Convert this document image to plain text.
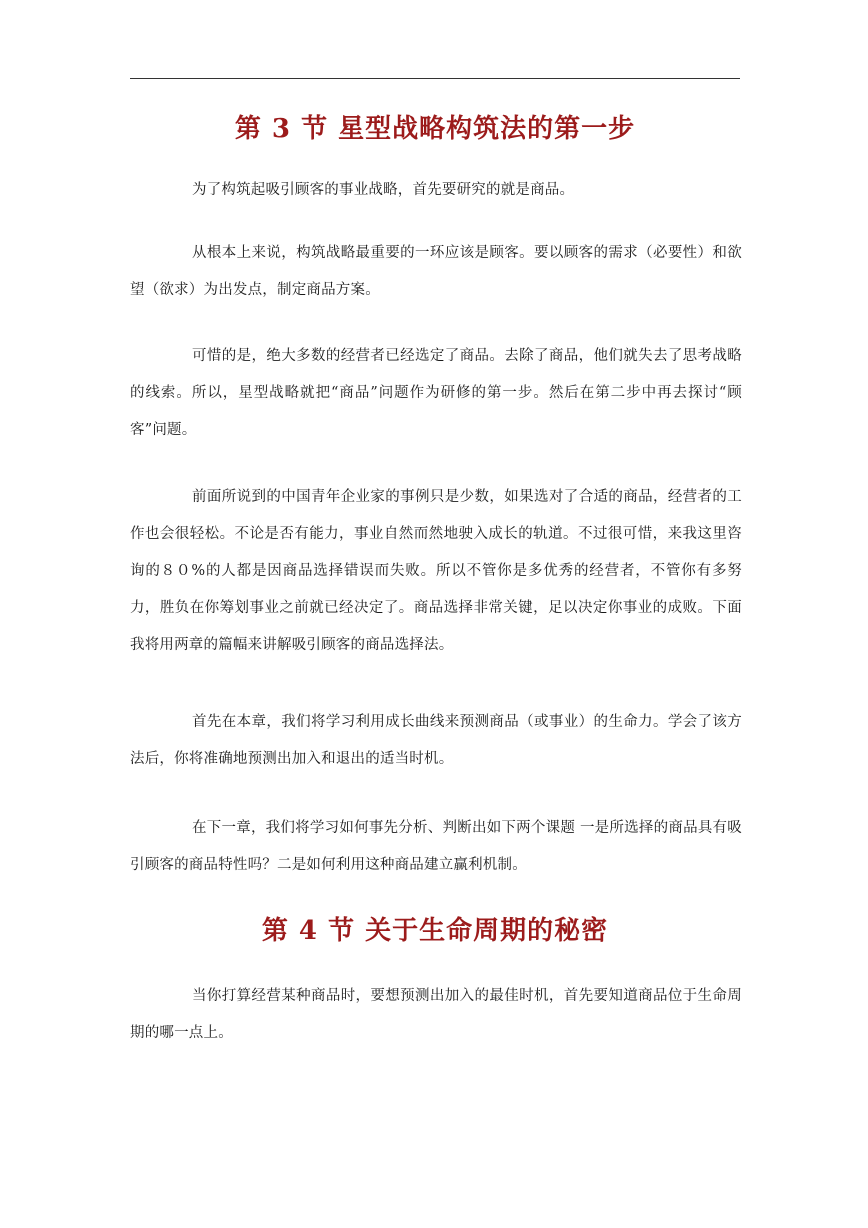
第 3 节 星型战略构筑法的第一步

为了构筑起吸引顾客的事业战略，首先要研究的就是商品。

从根本上来说，构筑战略最重要的一环应该是顾客。要以顾客的需求（必要性）和欲望（欲求）为出发点，制定商品方案。

可惜的是，绝大多数的经营者已经选定了商品。去除了商品，他们就失去了思考战略的线索。所以，星型战略就把“商品”问题作为研修的第一步。然后在第二步中再去探讨“顾客”问题。

前面所说到的中国青年企业家的事例只是少数，如果选对了合适的商品，经营者的工作也会很轻松。不论是否有能力，事业自然而然地驶入成长的轨道。不过很可惜，来我这里咨询的８０%的人都是因商品选择错误而失败。所以不管你是多优秀的经营者，不管你有多努力，胜负在你筹划事业之前就已经决定了。商品选择非常关键，足以决定你事业的成败。下面我将用两章的篇幅来讲解吸引顾客的商品选择法。

首先在本章，我们将学习利用成长曲线来预测商品（或事业）的生命力。学会了该方法后，你将准确地预测出加入和退出的适当时机。

在下一章，我们将学习如何事先分析、判断出如下两个课题 一是所选择的商品具有吸引顾客的商品特性吗？二是如何利用这种商品建立赢利机制。

第 4 节 关于生命周期的秘密

当你打算经营某种商品时，要想预测出加入的最佳时机，首先要知道商品位于生命周期的哪一点上。
